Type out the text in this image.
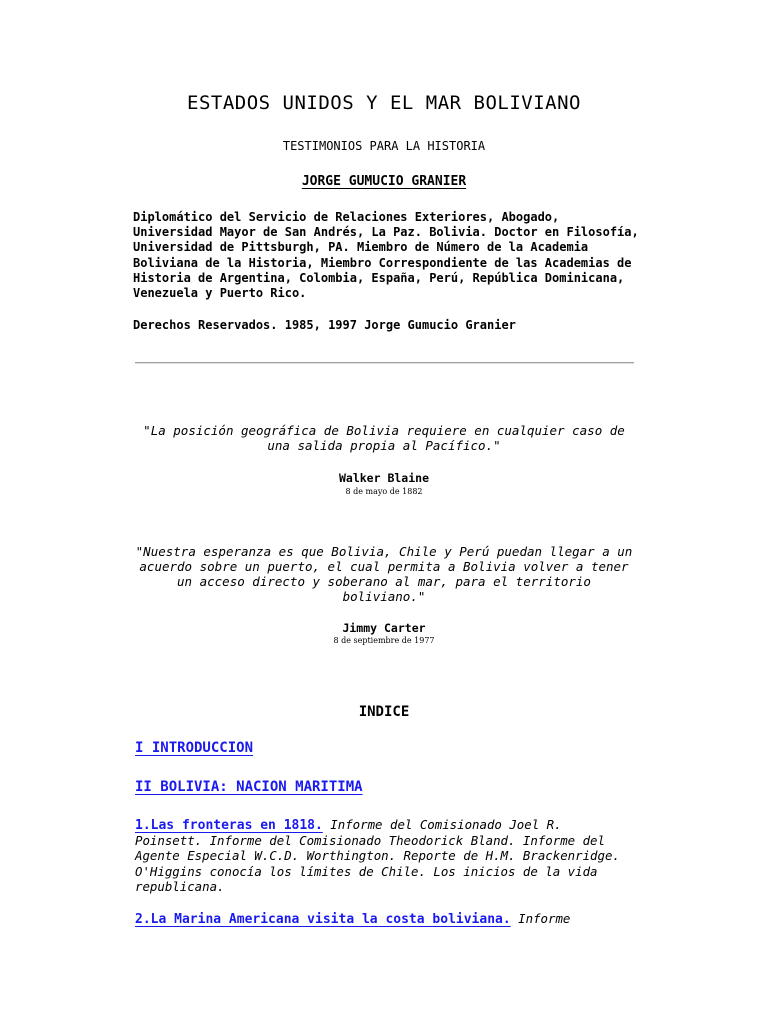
ESTADOS UNIDOS Y EL MAR BOLIVIANO

TESTIMONIOS PARA LA HISTORIA

JORGE GUMUCIO GRANIER

Diplomático del Servicio de Relaciones Exteriores, Abogado, Universidad Mayor de San Andrés, La Paz. Bolivia. Doctor en Filosofía, Universidad de Pittsburgh, PA. Miembro de Número de la Academia Boliviana de la Historia, Miembro Correspondiente de las Academias de Historia de Argentina, Colombia, España, Perú, República Dominicana, Venezuela y Puerto Rico.

Derechos Reservados. 1985, 1997 Jorge Gumucio Granier

"La posición geográfica de Bolivia requiere en cualquier caso de una salida propia al Pacífico."

Walker Blaine

8 de mayo de 1882

"Nuestra esperanza es que Bolivia, Chile y Perú puedan llegar a un acuerdo sobre un puerto, el cual permita a Bolivia volver a tener un acceso directo y soberano al mar, para el territorio boliviano."

Jimmy Carter

8 de septiembre de 1977

INDICE

I INTRODUCCION
II BOLIVIA: NACION MARITIMA

1.Las fronteras en 1818. Informe del Comisionado Joel R. Poinsett. Informe del Comisionado Theodorick Bland. Informe del Agente Especial W.C.D. Worthington. Reporte de H.M. Brackenridge. O'Higgins conocía los límites de Chile. Los inicios de la vida republicana.

2.La Marina Americana visita la costa boliviana. Informe
